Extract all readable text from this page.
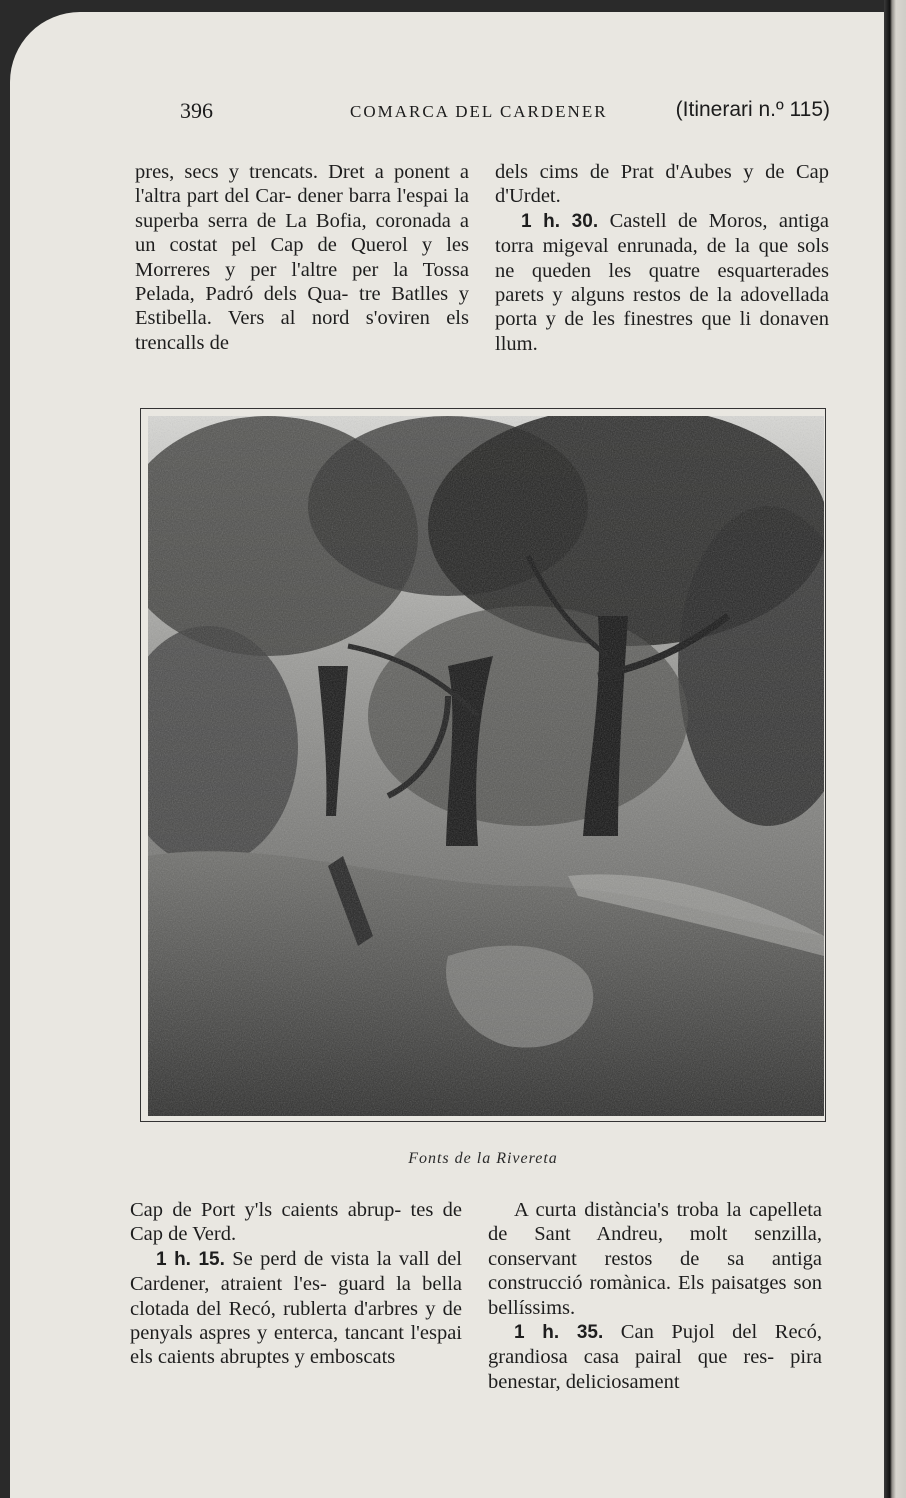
396	COMARCA DEL CARDENER	(Itinerari n.º 115)

pres, secs y trencats. Dret a ponent a l'altra part del Car- dener barra l'espai la superba serra de La Bofia, coronada a un costat pel Cap de Querol y les Morreres y per l'altre per la Tossa Pelada, Padró dels Qua- tre Batlles y Estibella. Vers al nord s'oviren els trencalls de

dels cims de Prat d'Aubes y de Cap d'Urdet.

1 h. 30. Castell de Moros, antiga torra migeval enrunada, de la que sols ne queden les quatre esquarterades parets y alguns restos de la adovellada porta y de les finestres que li donaven llum.

Fonts de la Rivereta

Cap de Port y'ls caients abrup- tes de Cap de Verd.

1 h. 15. Se perd de vista la vall del Cardener, atraient l'es- guard la bella clotada del Recó, rublerta d'arbres y de penyals aspres y enterca, tancant l'espai els caients abruptes y emboscats

A curta distància's troba la capelleta de Sant Andreu, molt senzilla, conservant restos de sa antiga construcció romànica. Els paisatges son bellíssims.

1 h. 35. Can Pujol del Recó, grandiosa casa pairal que res- pira benestar, deliciosament
